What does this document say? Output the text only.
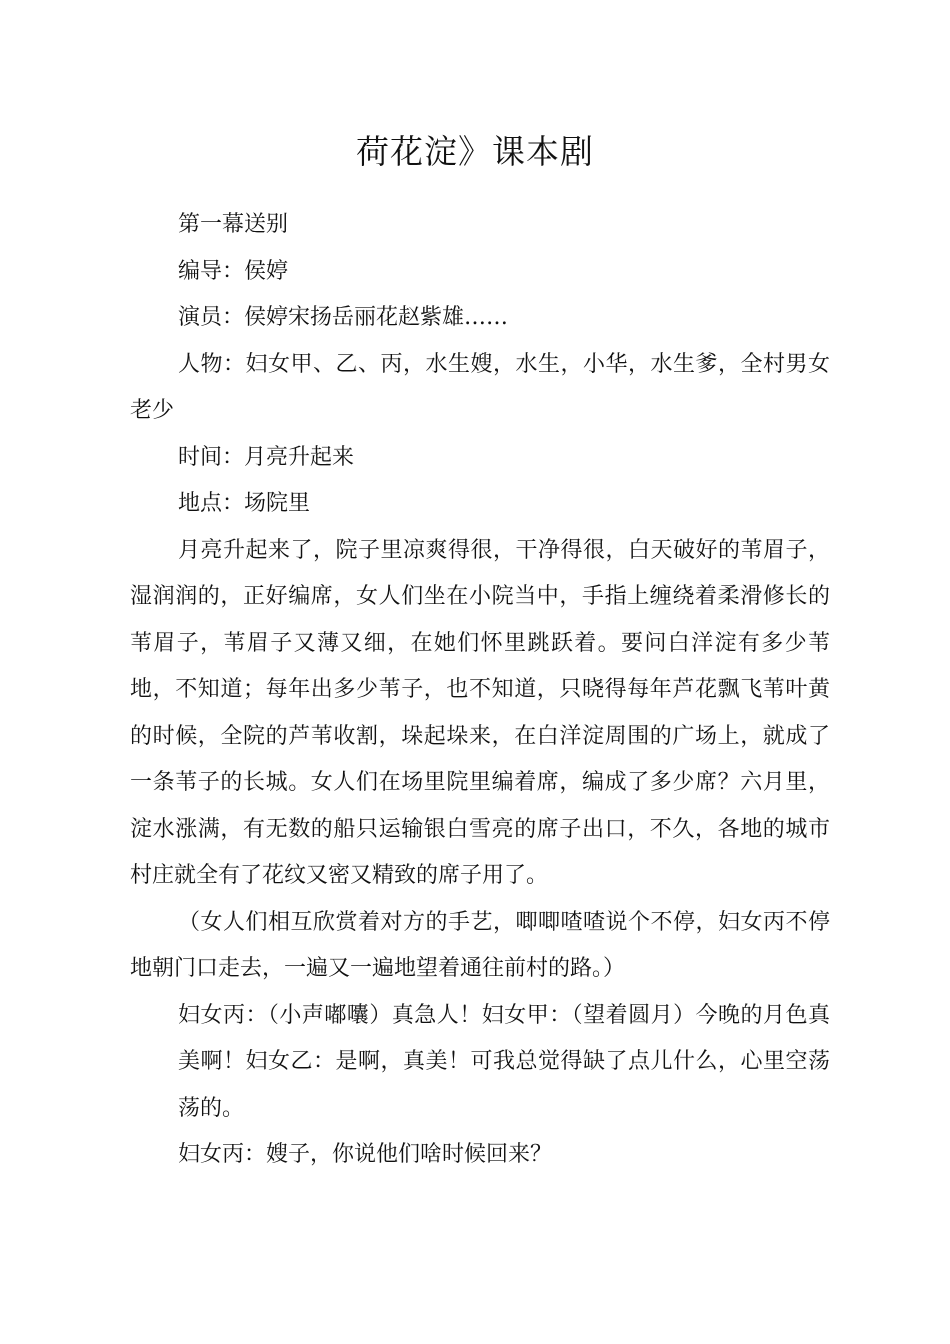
荷花淀》课本剧

第一幕送别

编导：侯婷

演员：侯婷宋扬岳丽花赵紫雄……

人物：妇女甲、乙、丙，水生嫂，水生，小华，水生爹，全村男女老少

时间：月亮升起来

地点：场院里

月亮升起来了，院子里凉爽得很，干净得很，白天破好的苇眉子，湿润润的，正好编席，女人们坐在小院当中，手指上缠绕着柔滑修长的苇眉子，苇眉子又薄又细，在她们怀里跳跃着。要问白洋淀有多少苇地，不知道；每年出多少苇子，也不知道，只晓得每年芦花飘飞苇叶黄的时候，全院的芦苇收割，垛起垛来，在白洋淀周围的广场上，就成了一条苇子的长城。女人们在场里院里编着席，编成了多少席？六月里，淀水涨满，有无数的船只运输银白雪亮的席子出口，不久，各地的城市村庄就全有了花纹又密又精致的席子用了。

（女人们相互欣赏着对方的手艺，唧唧喳喳说个不停，妇女丙不停地朝门口走去，一遍又一遍地望着通往前村的路。）

妇女丙：（小声嘟囔）真急人！妇女甲：（望着圆月）今晚的月色真美啊！妇女乙：是啊，真美！可我总觉得缺了点儿什么，心里空荡荡的。

妇女丙：嫂子，你说他们啥时候回来？
